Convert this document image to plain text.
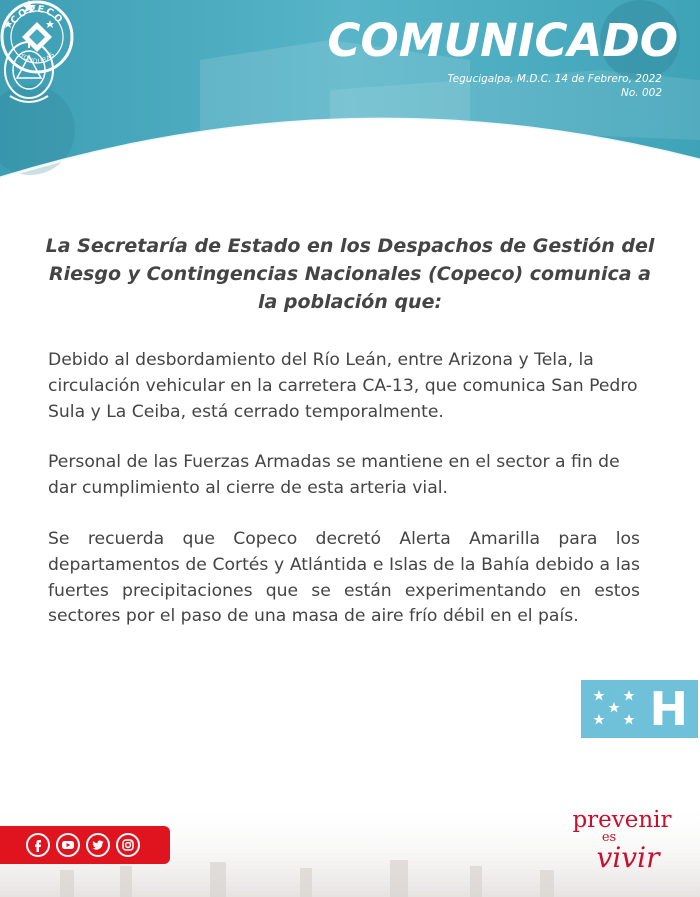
COPECO
HONDURAS	COMUNICADO
Tegucigalpa, M.D.C. 14 de Febrero, 2022
No. 002
La Secretaría de Estado en los Despachos de Gestión del Riesgo y Contingencias Nacionales (Copeco) comunica a la población que:

Debido al desbordamiento del Río Leán, entre Arizona y Tela, la circulación vehicular en la carretera CA-13, que comunica San Pedro Sula y La Ceiba, está cerrado temporalmente.

Personal de las Fuerzas Armadas se mantiene en el sector a fin de dar cumplimiento al cierre de esta arteria vial.

Se recuerda que Copeco decretó Alerta Amarilla para los departamentos de Cortés y Atlántida e Islas de la Bahía debido a las fuertes precipitaciones que se están experimentando en estos sectores por el paso de una masa de aire frío débil en el país.

H
prevenir
es
vivir
